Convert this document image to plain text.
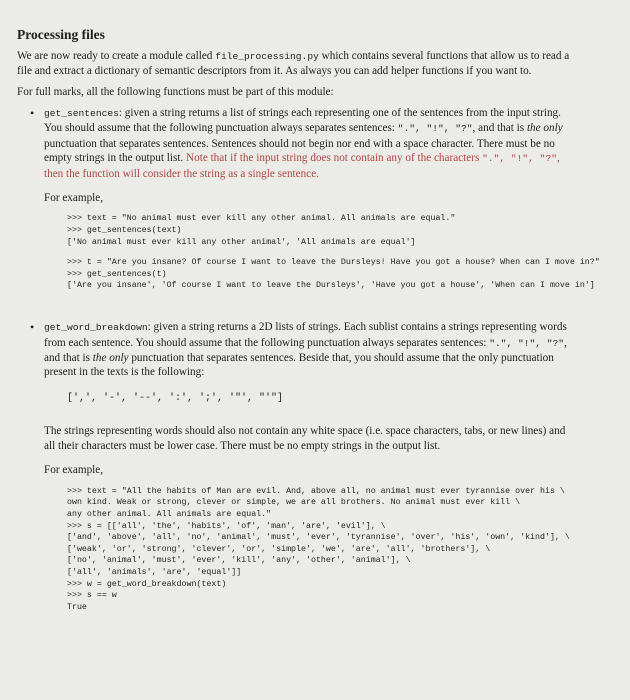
Processing files

We are now ready to create a module called file_processing.py which contains several functions that allow us to read a file and extract a dictionary of semantic descriptors from it. As always you can add helper functions if you want to.

For full marks, all the following functions must be part of this module:

• get_sentences: given a string returns a list of strings each representing one of the sentences from the input string. You should assume that the following punctuation always separates sentences: ".", "!", "?", and that is the only punctuation that separates sentences. Sentences should not begin nor end with a space character. There must be no empty strings in the output list. Note that if the input string does not contain any of the characters ".", "!", "?", then the function will consider the string as a single sentence.
For example,
>>> text = "No animal must ever kill any other animal. All animals are equal."
>>> get_sentences(text)
['No animal must ever kill any other animal', 'All animals are equal']
>>> t = "Are you insane? Of course I want to leave the Dursleys! Have you got a house? When can I move in?"
>>> get_sentences(t)
['Are you insane', 'Of course I want to leave the Dursleys', 'Have you got a house', 'When can I move in']
• get_word_breakdown: given a string returns a 2D lists of strings. Each sublist contains a strings representing words from each sentence. You should assume that the following punctuation always separates sentences: ".", "!", "?", and that is the only punctuation that separates sentences. Beside that, you should assume that the only punctuation present in the texts is the following:
[',', '-', '--', ':', ';', '"', "'"]

The strings representing words should also not contain any white space (i.e. space characters, tabs, or new lines) and all their characters must be lower case. There must be no empty strings in the output list.

For example,
>>> text = "All the habits of Man are evil. And, above all, no animal must ever tyrannise over his \
own kind. Weak or strong, clever or simple, we are all brothers. No animal must ever kill \
any other animal. All animals are equal."
>>> s = [['all', 'the', 'habits', 'of', 'man', 'are', 'evil'], \
['and', 'above', 'all', 'no', 'animal', 'must', 'ever', 'tyrannise', 'over', 'his', 'own', 'kind'], \
['weak', 'or', 'strong', 'clever', 'or', 'simple', 'we', 'are', 'all', 'brothers'], \
['no', 'animal', 'must', 'ever', 'kill', 'any', 'other', 'animal'], \
['all', 'animals', 'are', 'equal']]
>>> w = get_word_breakdown(text)
>>> s == w
True
